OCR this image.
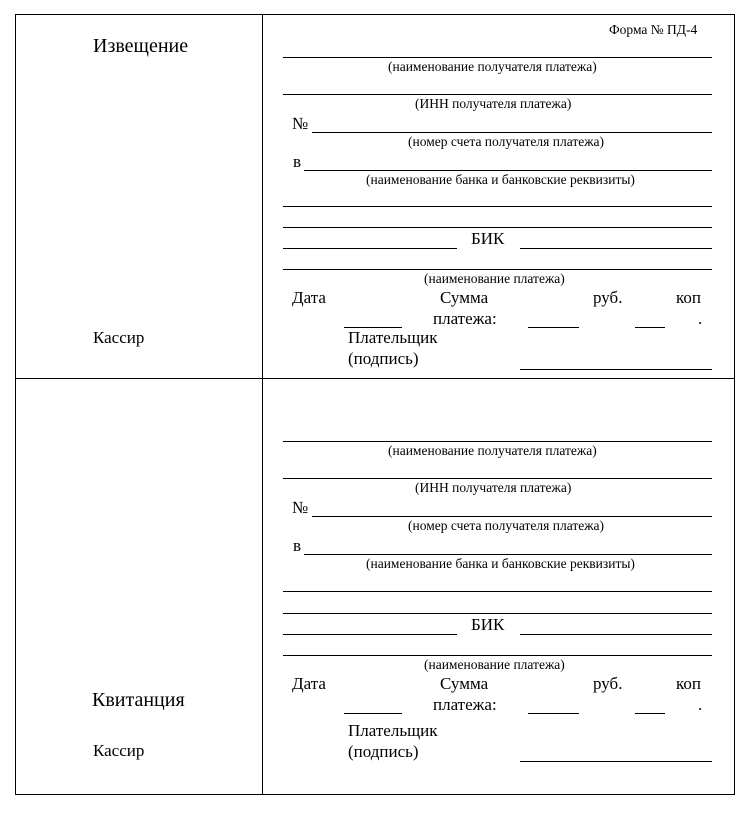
Форма № ПД-4
Извещение
Кассир
(наименование получателя платежа)
(ИНН получателя платежа)
№
(номер счета получателя платежа)
в
(наименование банка и банковские реквизиты)
БИК
(наименование платежа)
Дата	Сумма	руб.	коп
платежа:	.
Плательщик
(подпись)
Квитанция
Кассир
(наименование получателя платежа)
(ИНН получателя платежа)
№
(номер счета получателя платежа)
в
(наименование банка и банковские реквизиты)
БИК
(наименование платежа)
Дата	Сумма	руб.	коп
платежа:	.
Плательщик
(подпись)
